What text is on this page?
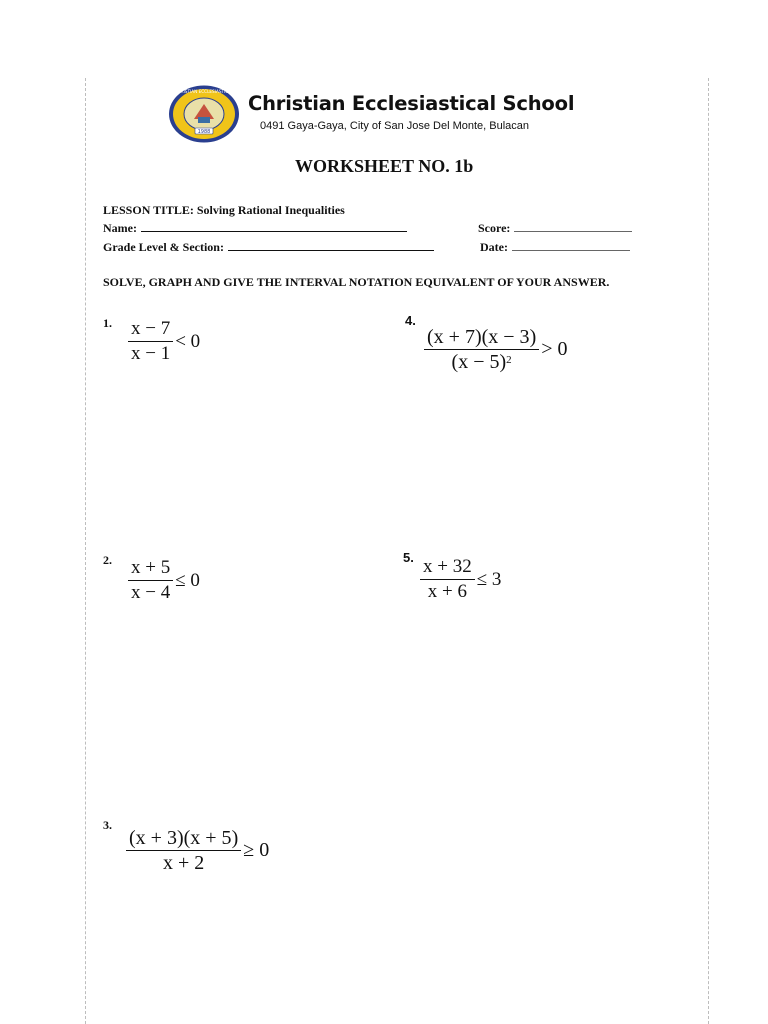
1988
CHRISTIAN ECCLESIASTICAL
Christian Ecclesiastical School
0491 Gaya-Gaya, City of San Jose Del Monte, Bulacan
WORKSHEET NO. 1b
LESSON TITLE: Solving Rational Inequalities
Name:
Grade Level & Section:
Score:
Date:
SOLVE, GRAPH AND GIVE THE INTERVAL NOTATION EQUIVALENT OF YOUR ANSWER.
1. $\frac{x - 7}{x - 1} < 0$
4.
$\frac{(x + 7)(x - 3)}{(x - 5)^2} > 0$
2. $\frac{x + 5}{x - 4} \le 0$
5. $\frac{x + 32}{x + 6} \le 3$
3.
$\frac{(x + 3)(x + 5)}{x + 2} \ge 0$
